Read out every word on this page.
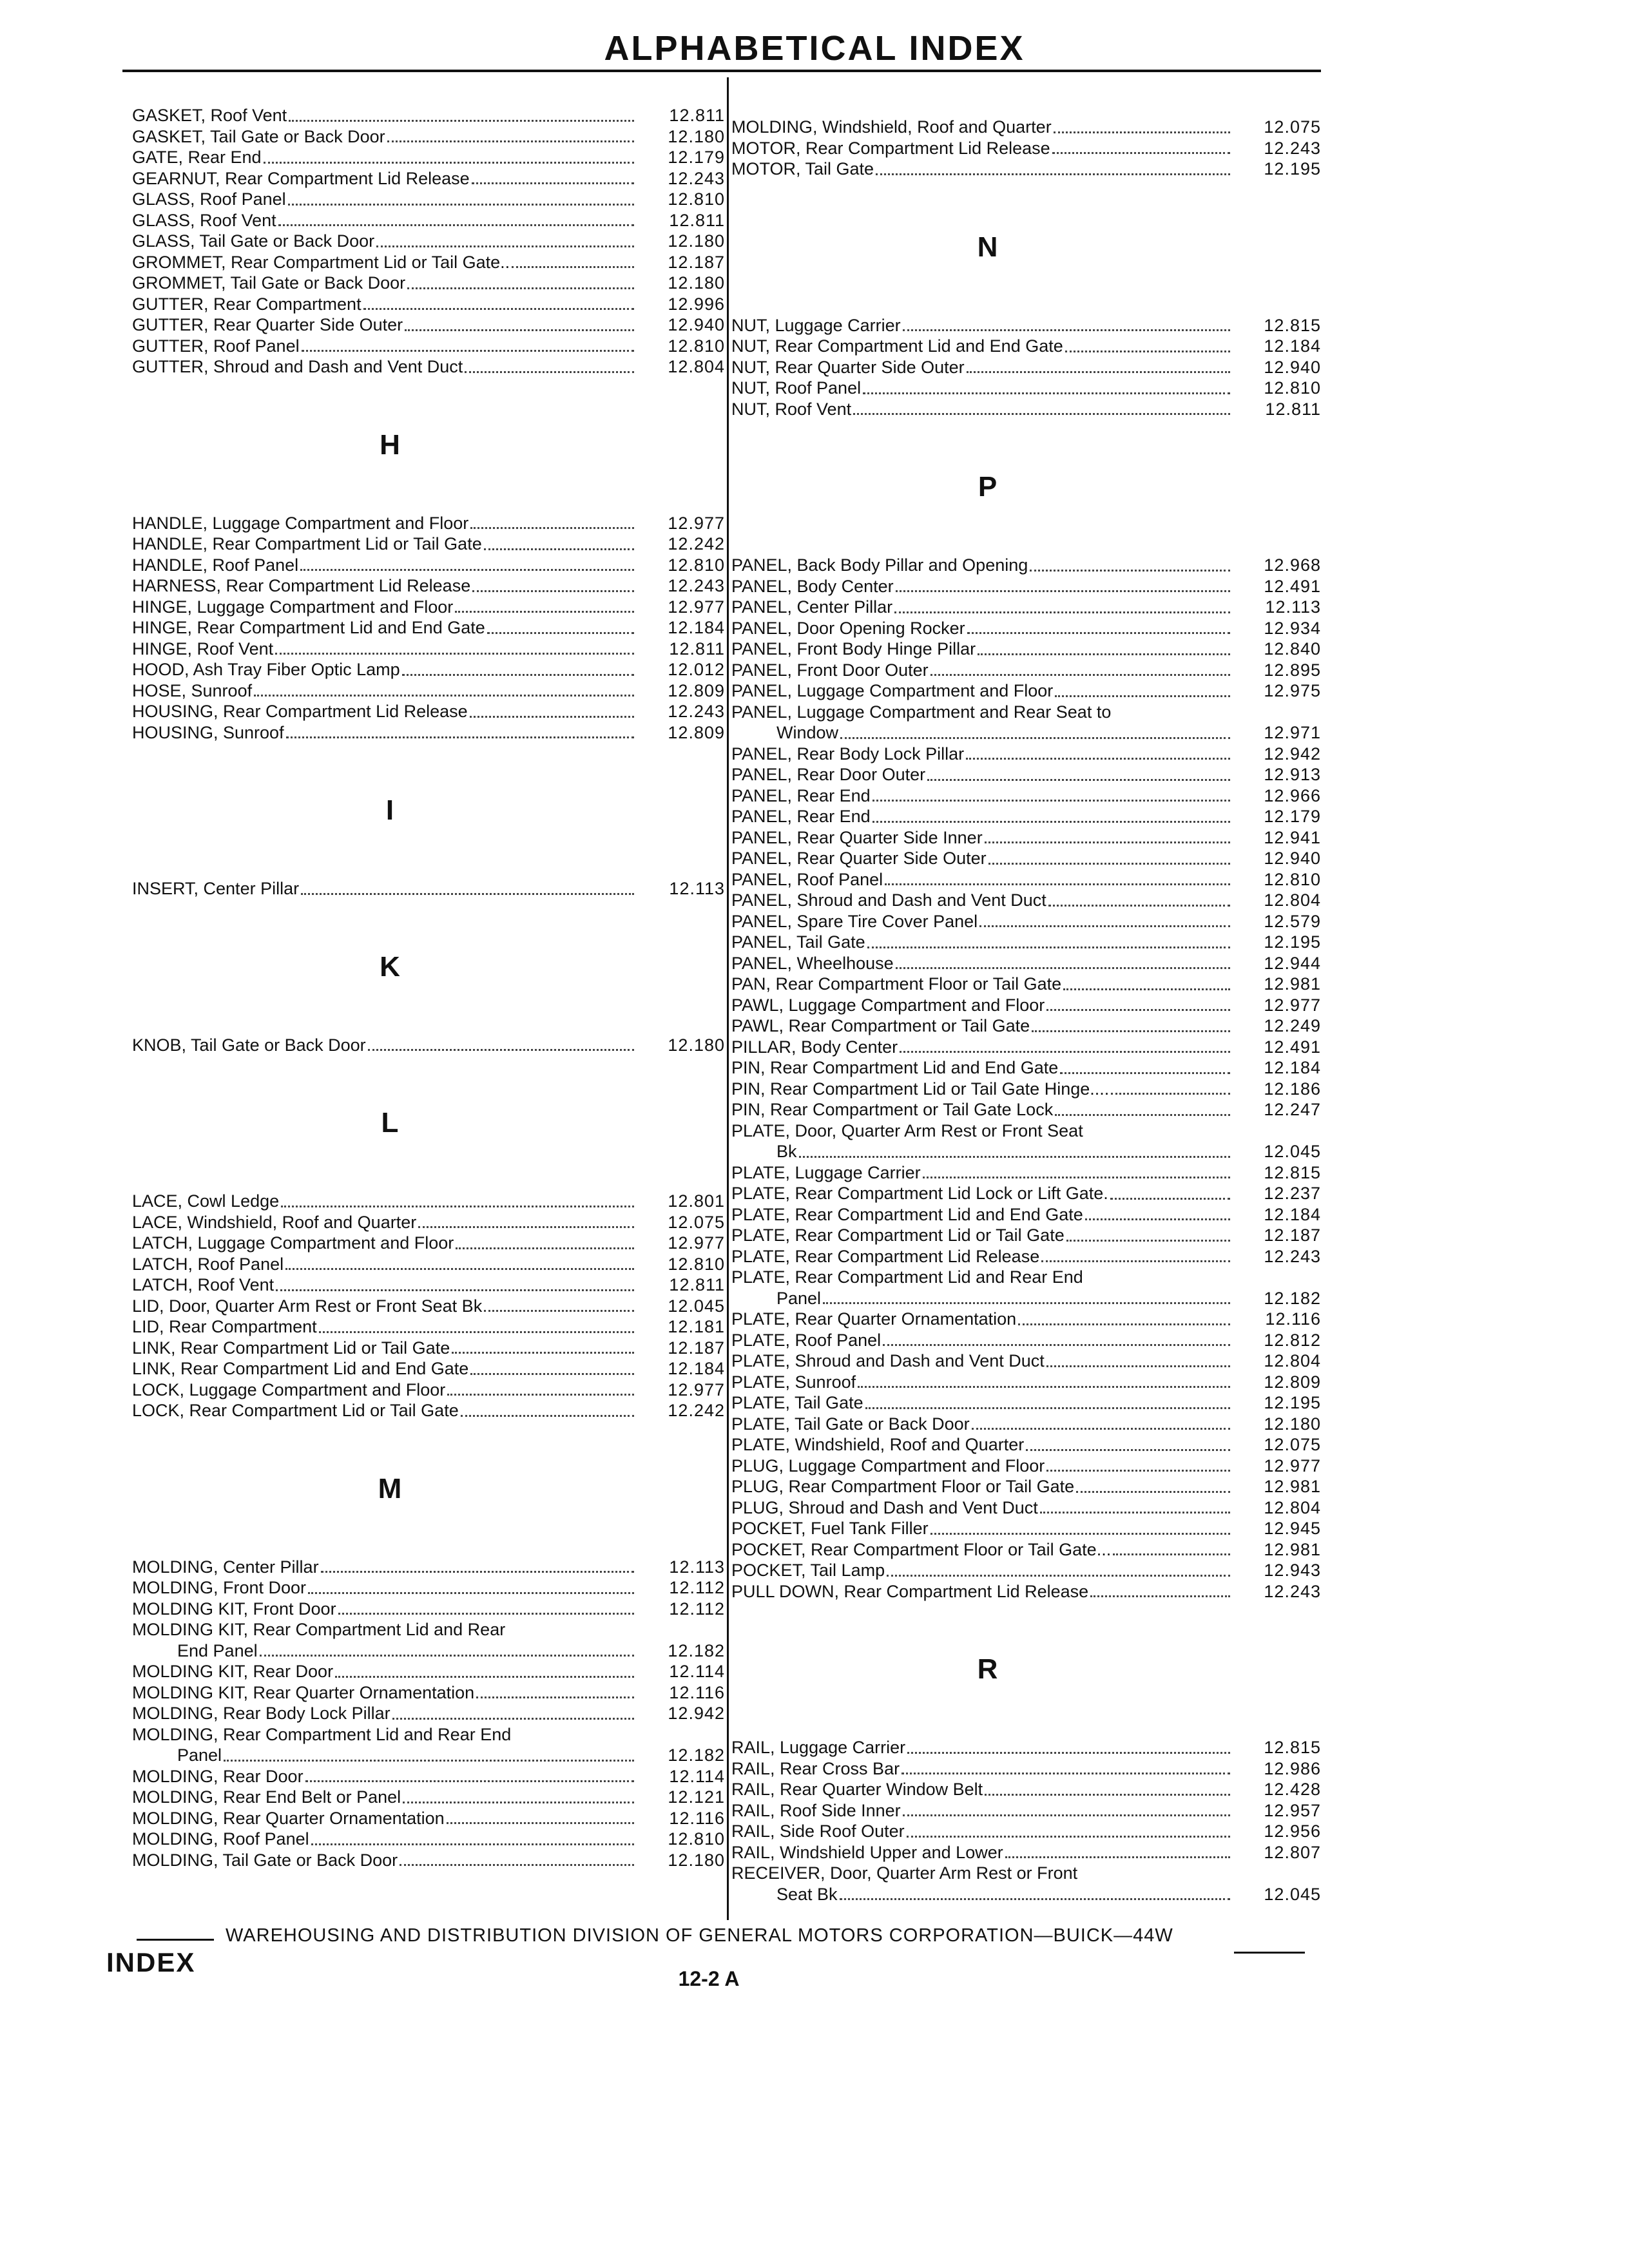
ALPHABETICAL INDEX
GASKET, Roof Vent	12.811
GASKET, Tail Gate or Back Door	12.180
GATE, Rear End	12.179
GEARNUT, Rear Compartment Lid Release	12.243
GLASS, Roof Panel	12.810
GLASS, Roof Vent	12.811
GLASS, Tail Gate or Back Door	12.180
GROMMET, Rear Compartment Lid or Tail Gate..	12.187
GROMMET, Tail Gate or Back Door	12.180
GUTTER, Rear Compartment	12.996
GUTTER, Rear Quarter Side Outer	12.940
GUTTER, Roof Panel	12.810
GUTTER, Shroud and Dash and Vent Duct	12.804
H
HANDLE, Luggage Compartment and Floor	12.977
HANDLE, Rear Compartment Lid or Tail Gate	12.242
HANDLE, Roof Panel	12.810
HARNESS, Rear Compartment Lid Release	12.243
HINGE, Luggage Compartment and Floor	12.977
HINGE, Rear Compartment Lid and End Gate	12.184
HINGE, Roof Vent	12.811
HOOD, Ash Tray Fiber Optic Lamp	12.012
HOSE, Sunroof	12.809
HOUSING, Rear Compartment Lid Release	12.243
HOUSING, Sunroof	12.809
I
INSERT, Center Pillar	12.113
K
KNOB, Tail Gate or Back Door	12.180
L
LACE, Cowl Ledge	12.801
LACE, Windshield, Roof and Quarter	12.075
LATCH, Luggage Compartment and Floor	12.977
LATCH, Roof Panel	12.810
LATCH, Roof Vent	12.811
LID, Door, Quarter Arm Rest or Front Seat Bk	12.045
LID, Rear Compartment	12.181
LINK, Rear Compartment Lid or Tail Gate	12.187
LINK, Rear Compartment Lid and End Gate	12.184
LOCK, Luggage Compartment and Floor	12.977
LOCK, Rear Compartment Lid or Tail Gate	12.242
M
MOLDING, Center Pillar	12.113
MOLDING, Front Door	12.112
MOLDING KIT, Front Door	12.112
MOLDING KIT, Rear Compartment Lid and Rear
End Panel	12.182
MOLDING KIT, Rear Door	12.114
MOLDING KIT, Rear Quarter Ornamentation	12.116
MOLDING, Rear Body Lock Pillar	12.942
MOLDING, Rear Compartment Lid and Rear End
Panel	12.182
MOLDING, Rear Door	12.114
MOLDING, Rear End Belt or Panel	12.121
MOLDING, Rear Quarter Ornamentation	12.116
MOLDING, Roof Panel	12.810
MOLDING, Tail Gate or Back Door	12.180
MOLDING, Windshield, Roof and Quarter	12.075
MOTOR, Rear Compartment Lid Release	12.243
MOTOR, Tail Gate	12.195
N
NUT, Luggage Carrier	12.815
NUT, Rear Compartment Lid and End Gate	12.184
NUT, Rear Quarter Side Outer	12.940
NUT, Roof Panel	12.810
NUT, Roof Vent	12.811
P
PANEL, Back Body Pillar and Opening	12.968
PANEL, Body Center	12.491
PANEL, Center Pillar	12.113
PANEL, Door Opening Rocker	12.934
PANEL, Front Body Hinge Pillar	12.840
PANEL, Front Door Outer	12.895
PANEL, Luggage Compartment and Floor	12.975
PANEL, Luggage Compartment and Rear Seat to
Window	12.971
PANEL, Rear Body Lock Pillar	12.942
PANEL, Rear Door Outer	12.913
PANEL, Rear End	12.966
PANEL, Rear End	12.179
PANEL, Rear Quarter Side Inner	12.941
PANEL, Rear Quarter Side Outer	12.940
PANEL, Roof Panel	12.810
PANEL, Shroud and Dash and Vent Duct	12.804
PANEL, Spare Tire Cover Panel	12.579
PANEL, Tail Gate	12.195
PANEL, Wheelhouse	12.944
PAN, Rear Compartment Floor or Tail Gate	12.981
PAWL, Luggage Compartment and Floor	12.977
PAWL, Rear Compartment or Tail Gate	12.249
PILLAR, Body Center	12.491
PIN, Rear Compartment Lid and End Gate	12.184
PIN, Rear Compartment Lid or Tail Gate Hinge....	12.186
PIN, Rear Compartment or Tail Gate Lock	12.247
PLATE, Door, Quarter Arm Rest or Front Seat
Bk	12.045
PLATE, Luggage Carrier	12.815
PLATE, Rear Compartment Lid Lock or Lift Gate.	12.237
PLATE, Rear Compartment Lid and End Gate	12.184
PLATE, Rear Compartment Lid or Tail Gate	12.187
PLATE, Rear Compartment Lid Release	12.243
PLATE, Rear Compartment Lid and Rear End
Panel	12.182
PLATE, Rear Quarter Ornamentation	12.116
PLATE, Roof Panel	12.812
PLATE, Shroud and Dash and Vent Duct	12.804
PLATE, Sunroof	12.809
PLATE, Tail Gate	12.195
PLATE, Tail Gate or Back Door	12.180
PLATE, Windshield, Roof and Quarter	12.075
PLUG, Luggage Compartment and Floor	12.977
PLUG, Rear Compartment Floor or Tail Gate	12.981
PLUG, Shroud and Dash and Vent Duct	12.804
POCKET, Fuel Tank Filler	12.945
POCKET, Rear Compartment Floor or Tail Gate...	12.981
POCKET, Tail Lamp	12.943
PULL DOWN, Rear Compartment Lid Release	12.243
R
RAIL, Luggage Carrier	12.815
RAIL, Rear Cross Bar	12.986
RAIL, Rear Quarter Window Belt	12.428
RAIL, Roof Side Inner	12.957
RAIL, Side Roof Outer	12.956
RAIL, Windshield Upper and Lower	12.807
RECEIVER, Door, Quarter Arm Rest or Front
Seat Bk	12.045
WAREHOUSING AND DISTRIBUTION DIVISION OF GENERAL MOTORS CORPORATION—BUICK—44W
INDEX
12-2 A
